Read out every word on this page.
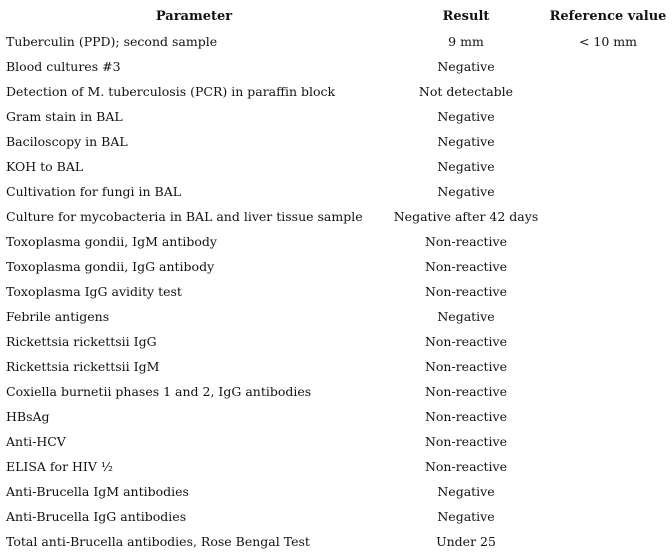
Parameter	Result	Reference value
Tuberculin (PPD); second sample	9 mm	< 10 mm
Blood cultures #3	Negative	
Detection of M. tuberculosis (PCR) in paraffin block	Not detectable	
Gram stain in BAL	Negative	
Baciloscopy in BAL	Negative	
KOH to BAL	Negative	
Cultivation for fungi in BAL	Negative	
Culture for mycobacteria in BAL and liver tissue sample	Negative after 42 days	
Toxoplasma gondii, IgM antibody	Non-reactive	
Toxoplasma gondii, IgG antibody	Non-reactive	
Toxoplasma IgG avidity test	Non-reactive	
Febrile antigens	Negative	
Rickettsia rickettsii IgG	Non-reactive	
Rickettsia rickettsii IgM	Non-reactive	
Coxiella burnetii phases 1 and 2, IgG antibodies	Non-reactive	
HBsAg	Non-reactive	
Anti-HCV	Non-reactive	
ELISA for HIV ½	Non-reactive	
Anti-Brucella IgM antibodies	Negative	
Anti-Brucella IgG antibodies	Negative	
Total anti-Brucella antibodies, Rose Bengal Test	Under 25	
